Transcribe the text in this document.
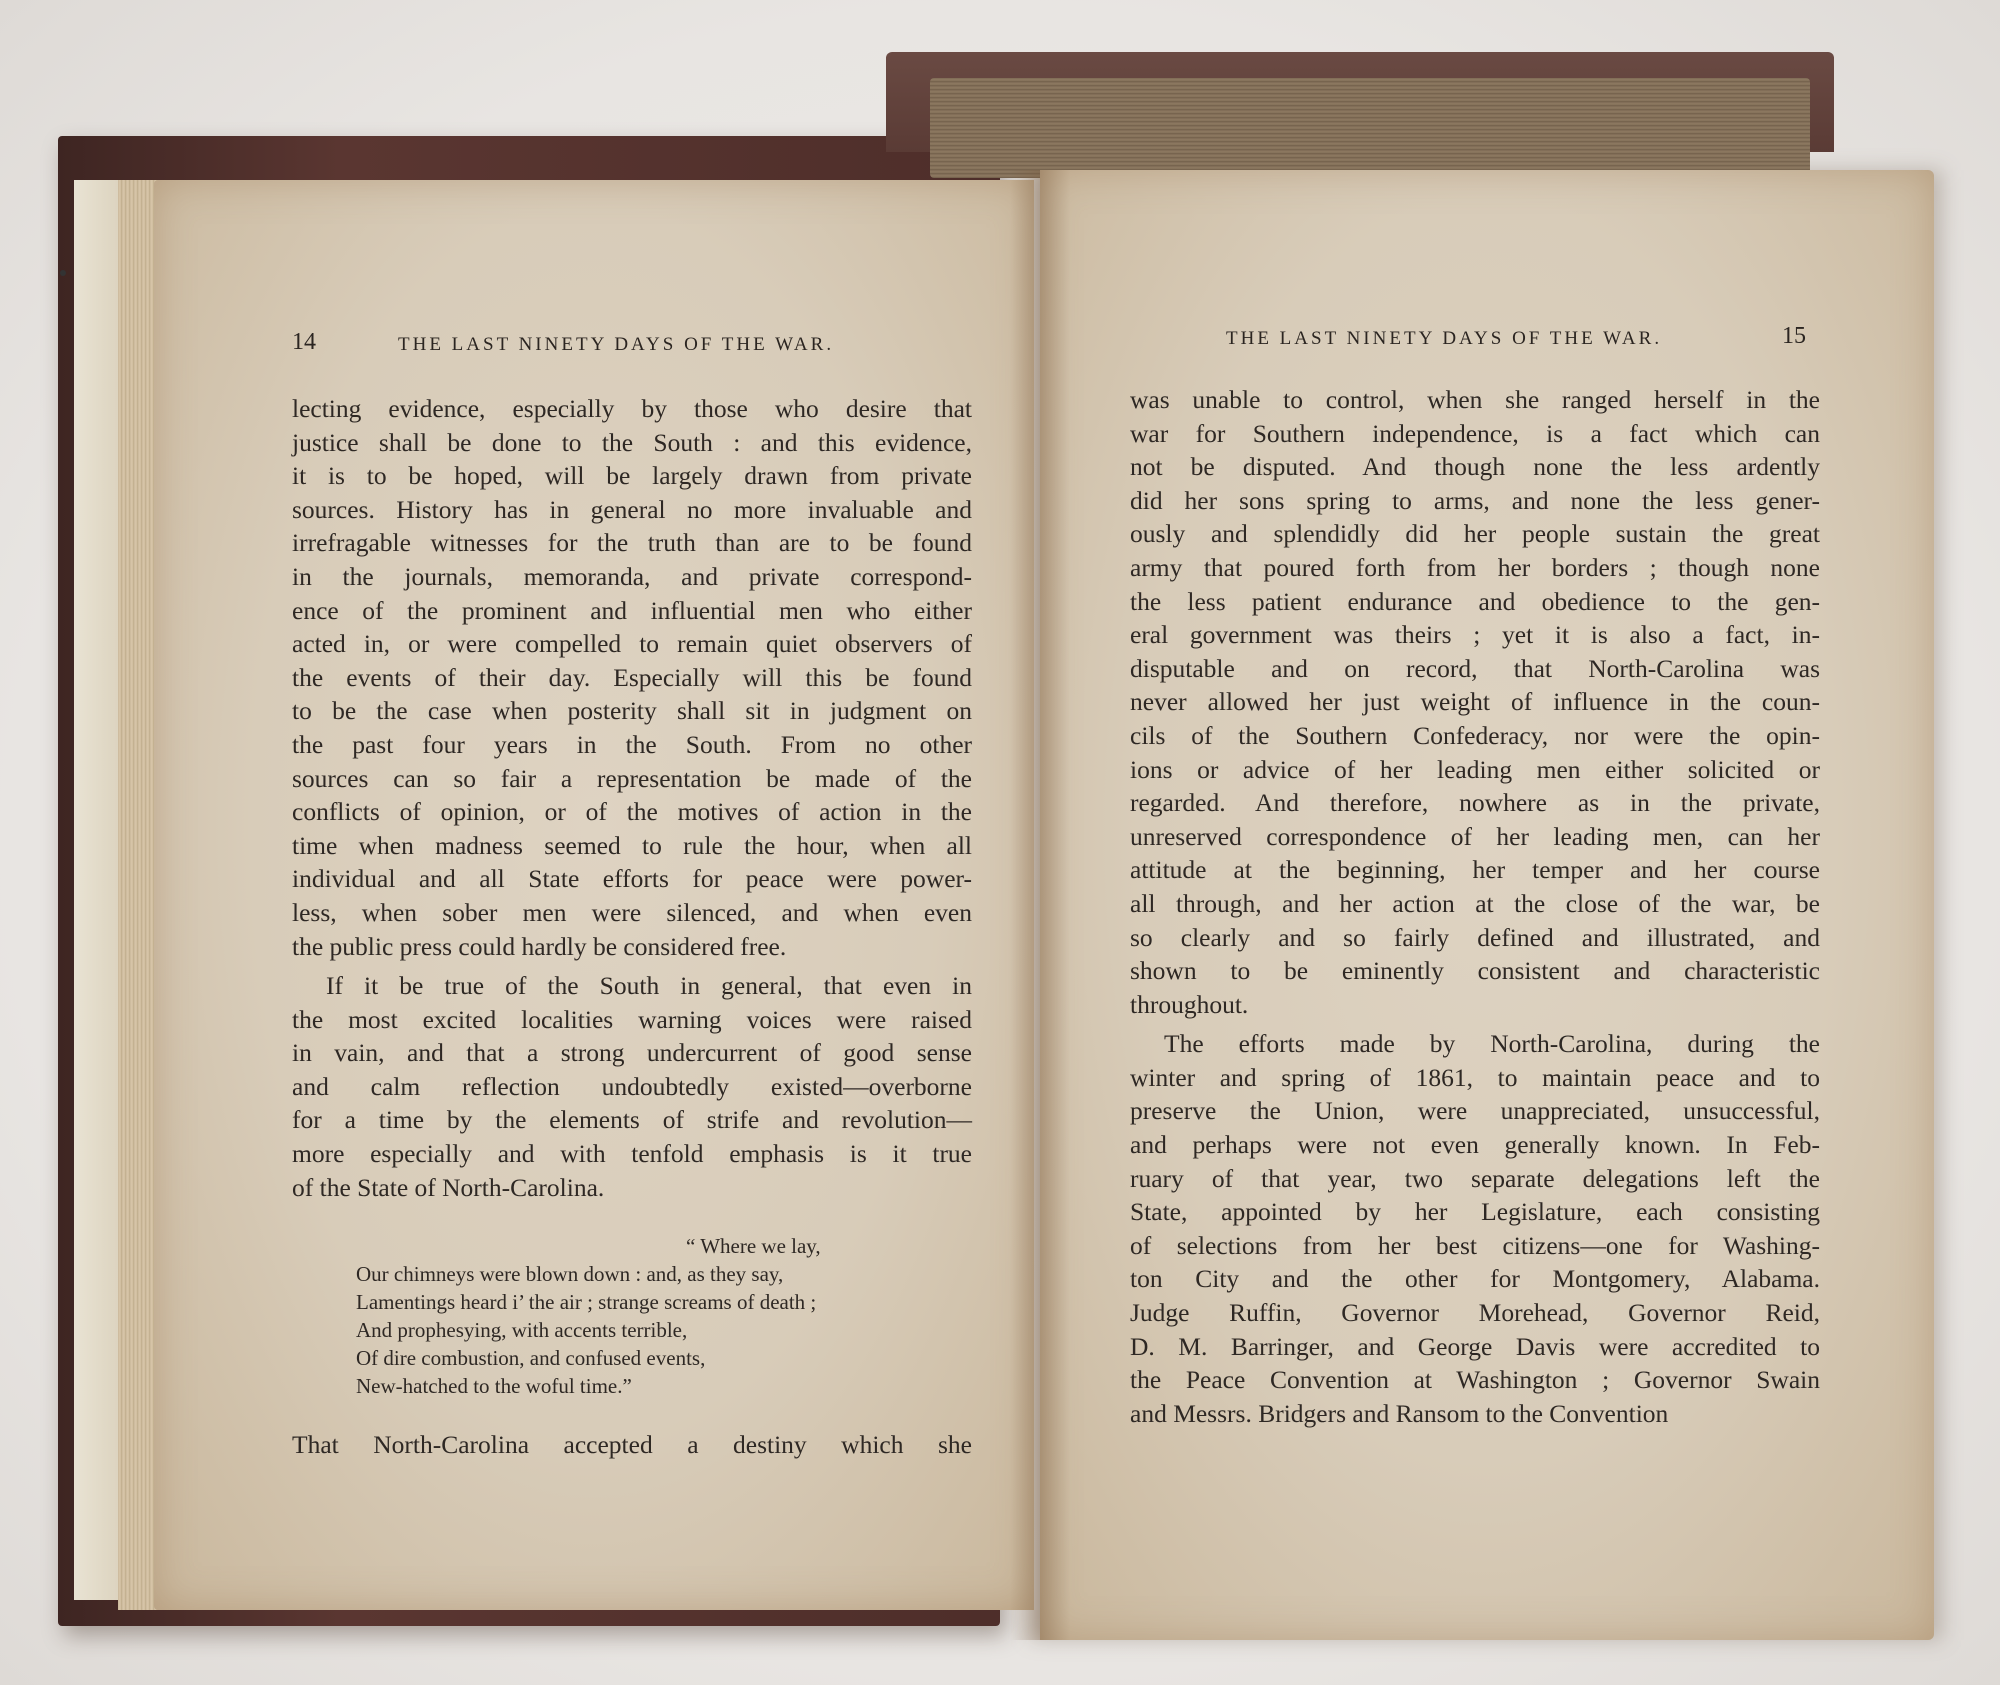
14	THE LAST NINETY DAYS OF THE WAR.
lecting evidence, especially by those who desire that
justice shall be done to the South : and this evidence,
it is to be hoped, will be largely drawn from private
sources. History has in general no more invaluable and
irrefragable witnesses for the truth than are to be found
in the journals, memoranda, and private correspond-
ence of the prominent and influential men who either
acted in, or were compelled to remain quiet observers of
the events of their day. Especially will this be found
to be the case when posterity shall sit in judgment on
the past four years in the South. From no other
sources can so fair a representation be made of the
conflicts of opinion, or of the motives of action in the
time when madness seemed to rule the hour, when all
individual and all State efforts for peace were power-
less, when sober men were silenced, and when even
the public press could hardly be considered free.
If it be true of the South in general, that even in
the most excited localities warning voices were raised
in vain, and that a strong undercurrent of good sense
and calm reflection undoubtedly existed—overborne
for a time by the elements of strife and revolution—
more especially and with tenfold emphasis is it true
of the State of North-Carolina.
“ Where we lay,
Our chimneys were blown down : and, as they say,
Lamentings heard i’ the air ; strange screams of death ;
And prophesying, with accents terrible,
Of dire combustion, and confused events,
New-hatched to the woful time.”
That North-Carolina accepted a destiny which she
THE LAST NINETY DAYS OF THE WAR.	15
was unable to control, when she ranged herself in the
war for Southern independence, is a fact which can
not be disputed. And though none the less ardently
did her sons spring to arms, and none the less gener-
ously and splendidly did her people sustain the great
army that poured forth from her borders ; though none
the less patient endurance and obedience to the gen-
eral government was theirs ; yet it is also a fact, in-
disputable and on record, that North-Carolina was
never allowed her just weight of influence in the coun-
cils of the Southern Confederacy, nor were the opin-
ions or advice of her leading men either solicited or
regarded. And therefore, nowhere as in the private,
unreserved correspondence of her leading men, can her
attitude at the beginning, her temper and her course
all through, and her action at the close of the war, be
so clearly and so fairly defined and illustrated, and
shown to be eminently consistent and characteristic
throughout.
The efforts made by North-Carolina, during the
winter and spring of 1861, to maintain peace and to
preserve the Union, were unappreciated, unsuccessful,
and perhaps were not even generally known. In Feb-
ruary of that year, two separate delegations left the
State, appointed by her Legislature, each consisting
of selections from her best citizens—one for Washing-
ton City and the other for Montgomery, Alabama.
Judge Ruffin, Governor Morehead, Governor Reid,
D. M. Barringer, and George Davis were accredited to
the Peace Convention at Washington ; Governor Swain
and Messrs. Bridgers and Ransom to the Convention
